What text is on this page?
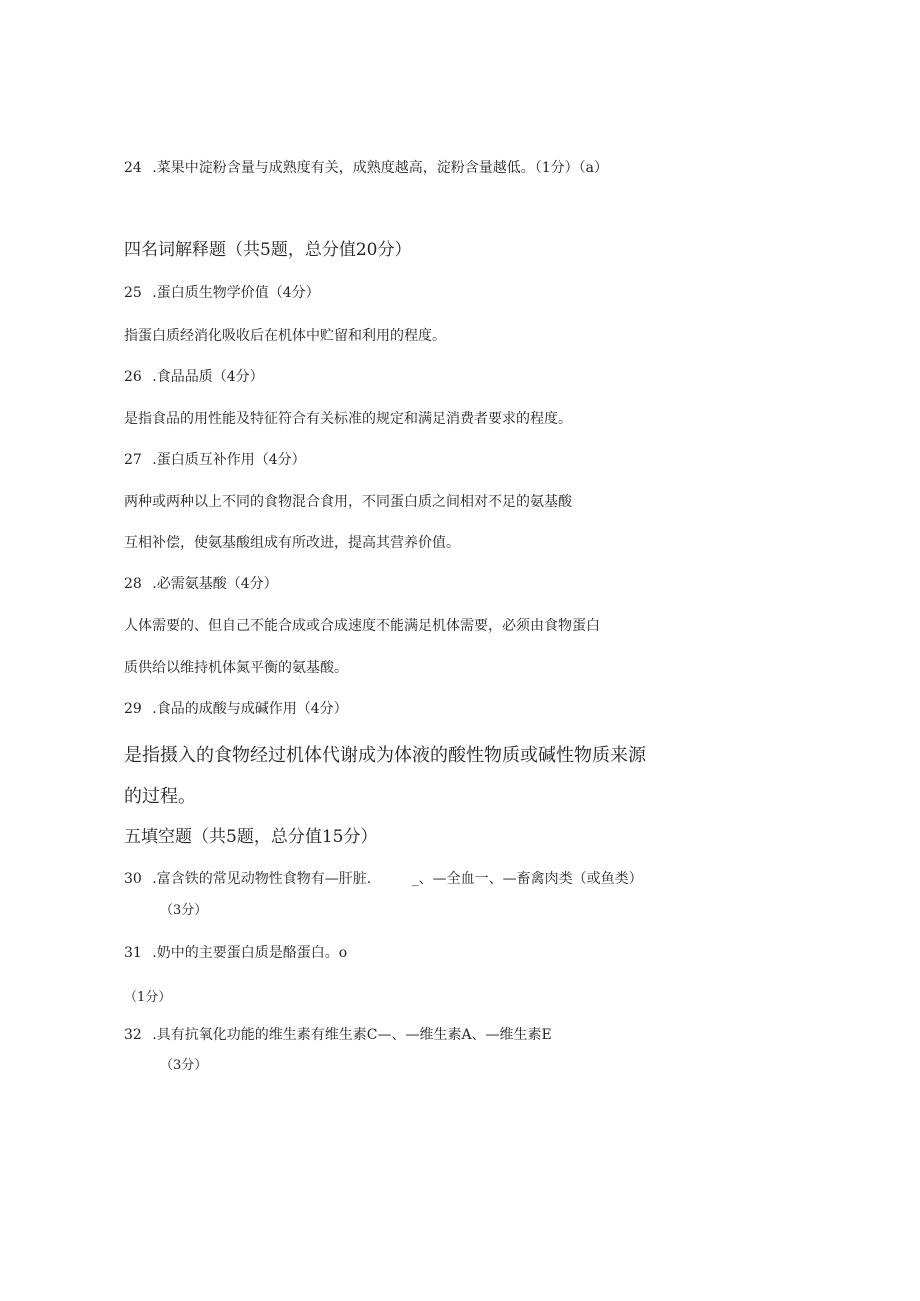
24 .菜果中淀粉含量与成熟度有关，成熟度越高，淀粉含量越低。（1分）（a）
四名词解释题（共5题，总分值20分）
25 .蛋白质生物学价值（4分）
指蛋白质经消化吸收后在机体中贮留和利用的程度。
26 .食品品质（4分）
是指食品的用性能及特征符合有关标准的规定和满足消费者要求的程度。
27 .蛋白质互补作用（4分）
两种或两种以上不同的食物混合食用，不同蛋白质之间相对不足的氨基酸
互相补偿，使氨基酸组成有所改进，提高其营养价值。
28 .必需氨基酸（4分）
人体需要的、但自己不能合成或合成速度不能满足机体需要，必须由食物蛋白
质供给以维持机体氮平衡的氨基酸。
29 .食品的成酸与成碱作用（4分）
是指摄入的食物经过机体代谢成为体液的酸性物质或碱性物质来源
的过程。
五填空题（共5题，总分值15分）
30 .富含铁的常见动物性食物有—肝脏.	_、—全血一、—畜禽肉类（或鱼类）
（3分）
31 .奶中的主要蛋白质是酪蛋白。o
（1分）
32 .具有抗氧化功能的维生素有维生素C—、—维生素A、—维生素E
（3分）
